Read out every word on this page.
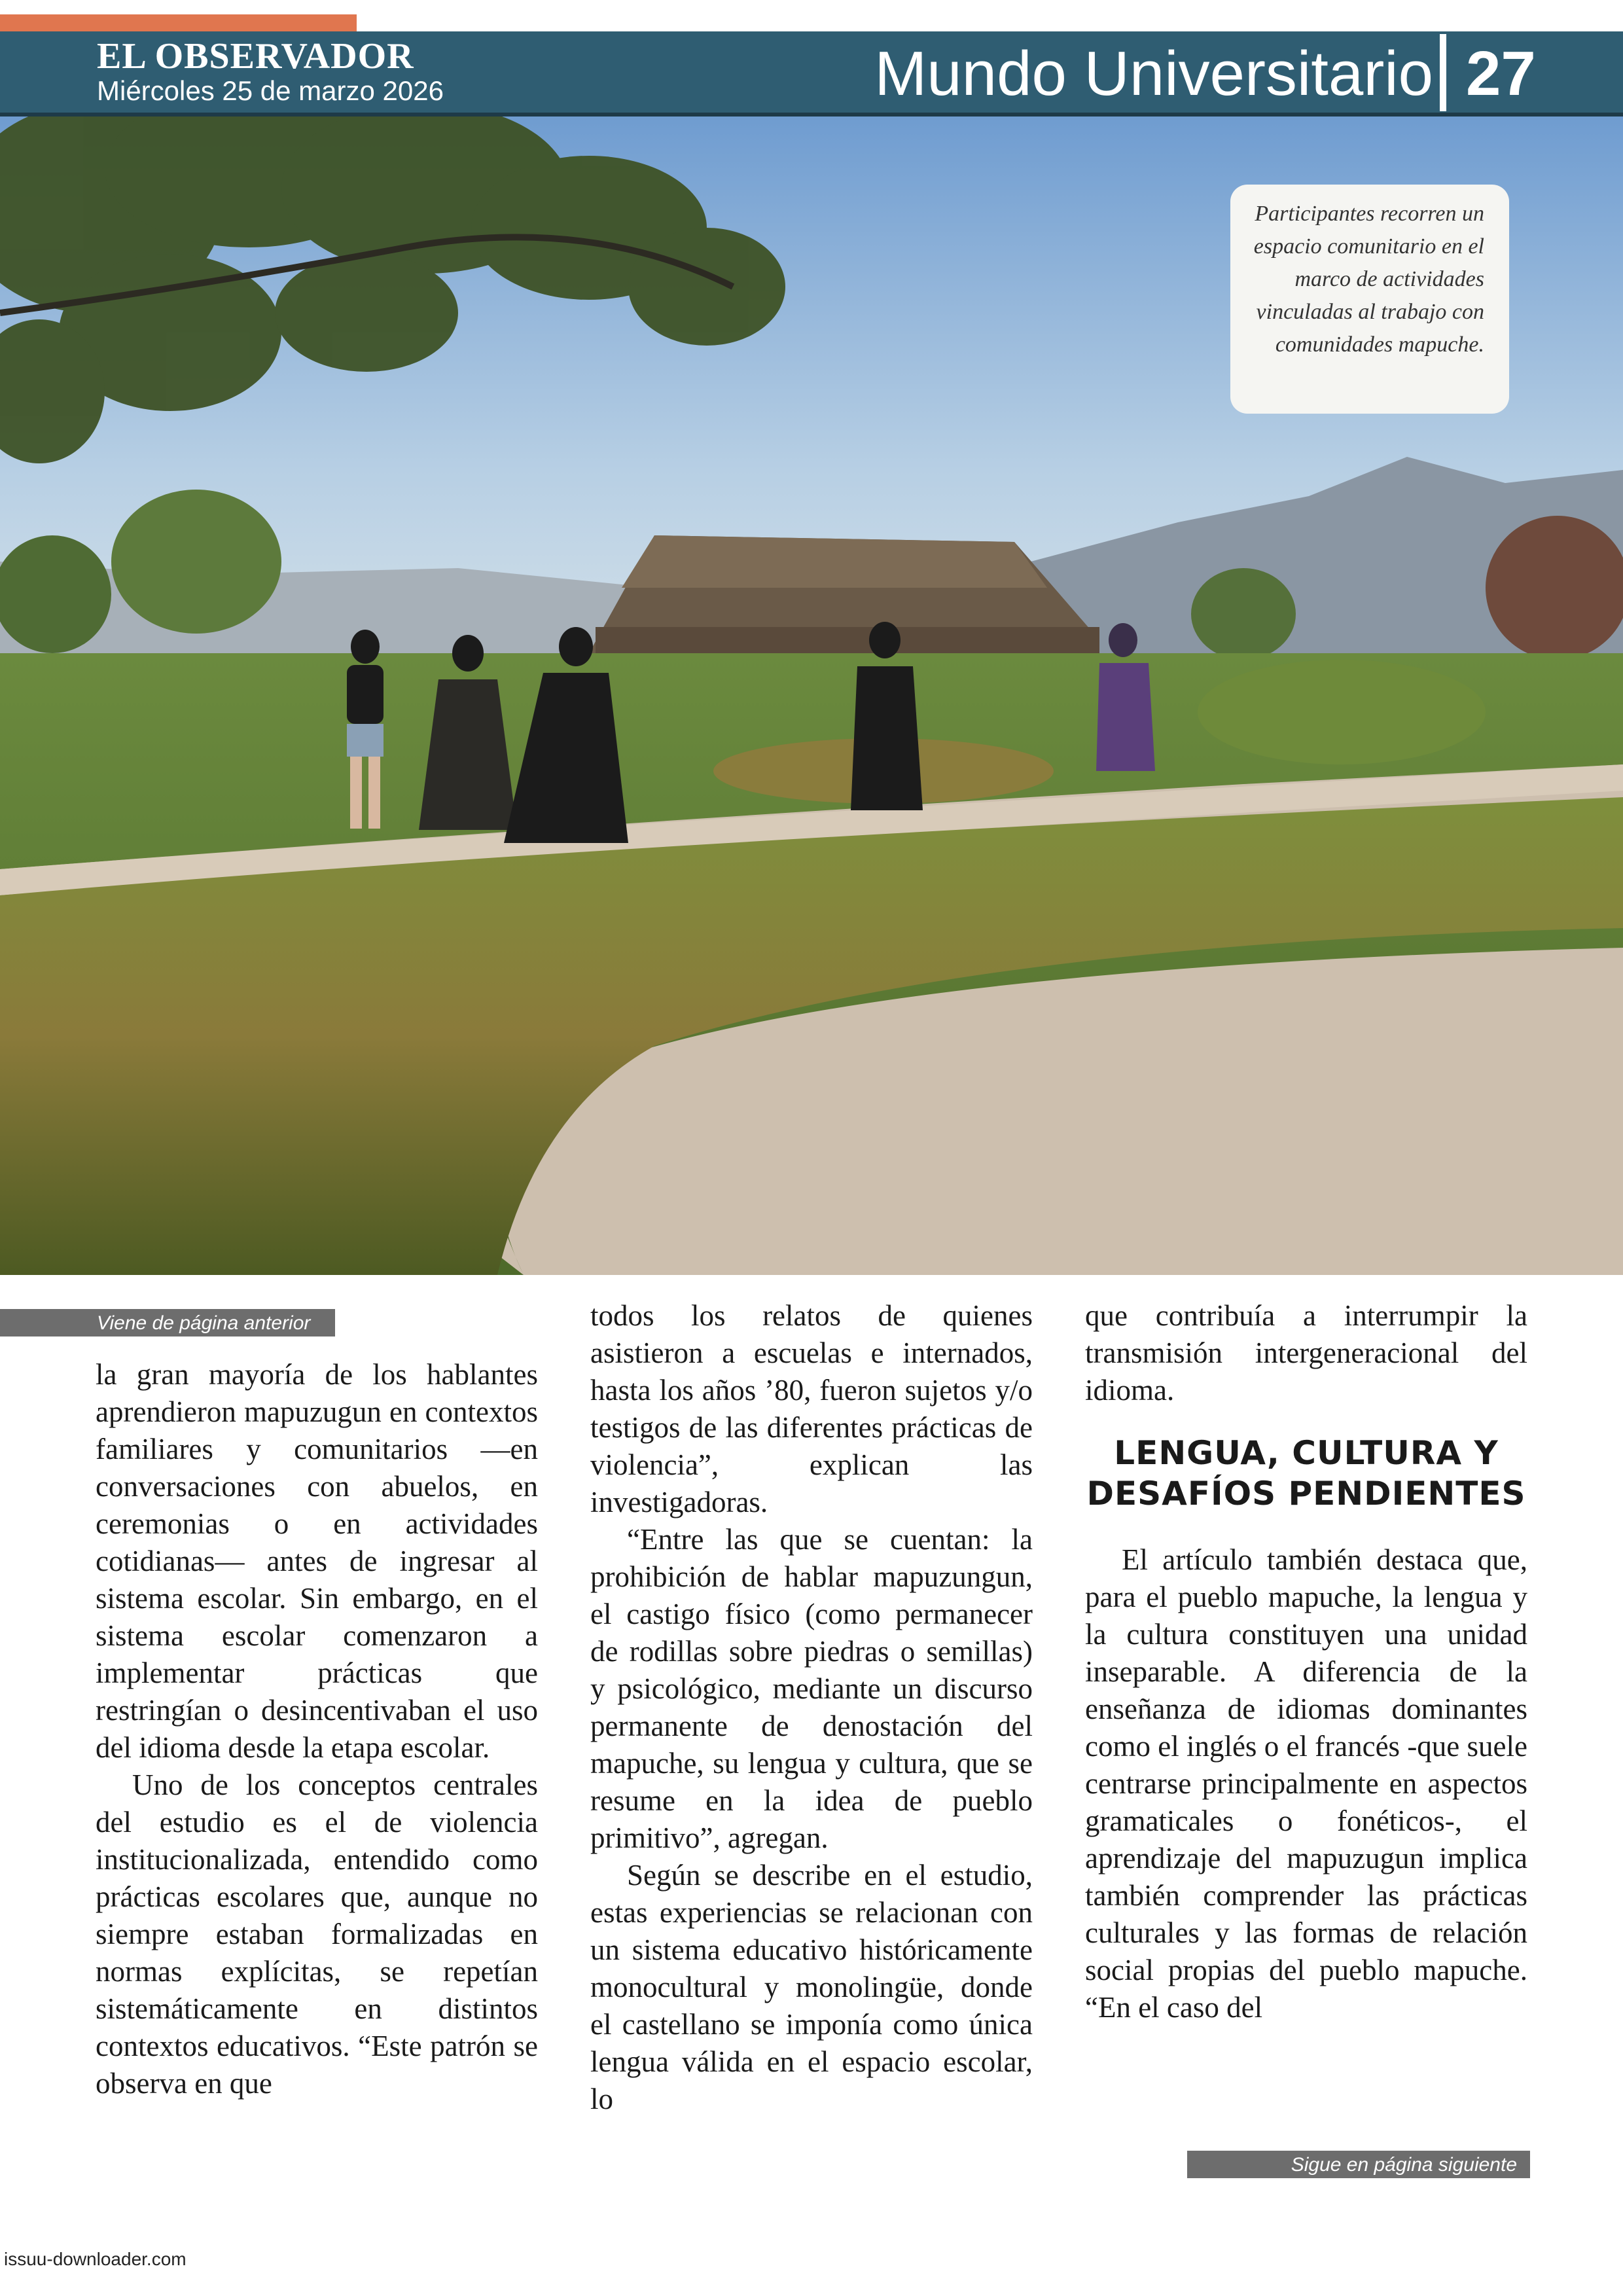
EL OBSERVADOR
Miércoles 25 de marzo 2026	Mundo Universitario 27

Participantes recorren un espacio comunitario en el marco de actividades vinculadas al trabajo con comunidades mapuche.

Viene de página anterior

la gran mayoría de los hablantes aprendieron mapuzugun en contextos familiares y comunitarios —en conversaciones con abuelos, en ceremonias o en actividades cotidianas— antes de ingresar al sistema escolar. Sin embargo, en el sistema escolar comenzaron a implementar prácticas que restringían o desincentivaban el uso del idioma desde la etapa escolar.

Uno de los conceptos centrales del estudio es el de violencia institucionalizada, entendido como prácticas escolares que, aunque no siempre estaban formalizadas en normas explícitas, se repetían sistemáticamente en distintos contextos educativos. “Este patrón se observa en que

todos los relatos de quienes asistieron a escuelas e internados, hasta los años ’80, fueron sujetos y/o testigos de las diferentes prácticas de violencia”, explican las investigadoras.

“Entre las que se cuentan: la prohibición de hablar mapuzungun, el castigo físico (como permanecer de rodillas sobre piedras o semillas) y psicológico, mediante un discurso permanente de denostación del mapuche, su lengua y cultura, que se resume en la idea de pueblo primitivo”, agregan.

Según se describe en el estudio, estas experiencias se relacionan con un sistema educativo históricamente monocultural y monolingüe, donde el castellano se imponía como única lengua válida en el espacio escolar, lo

que contribuía a interrumpir la transmisión intergeneracional del idioma.

LENGUA, CULTURA Y
DESAFÍOS PENDIENTES

El artículo también destaca que, para el pueblo mapuche, la lengua y la cultura constituyen una unidad inseparable. A diferencia de la enseñanza de idiomas dominantes como el inglés o el francés -que suele centrarse principalmente en aspectos gramaticales o fonéticos-, el aprendizaje del mapuzugun implica también comprender las prácticas culturales y las formas de relación social propias del pueblo mapuche. “En el caso del

Sigue en página siguiente
issuu-downloader.com
